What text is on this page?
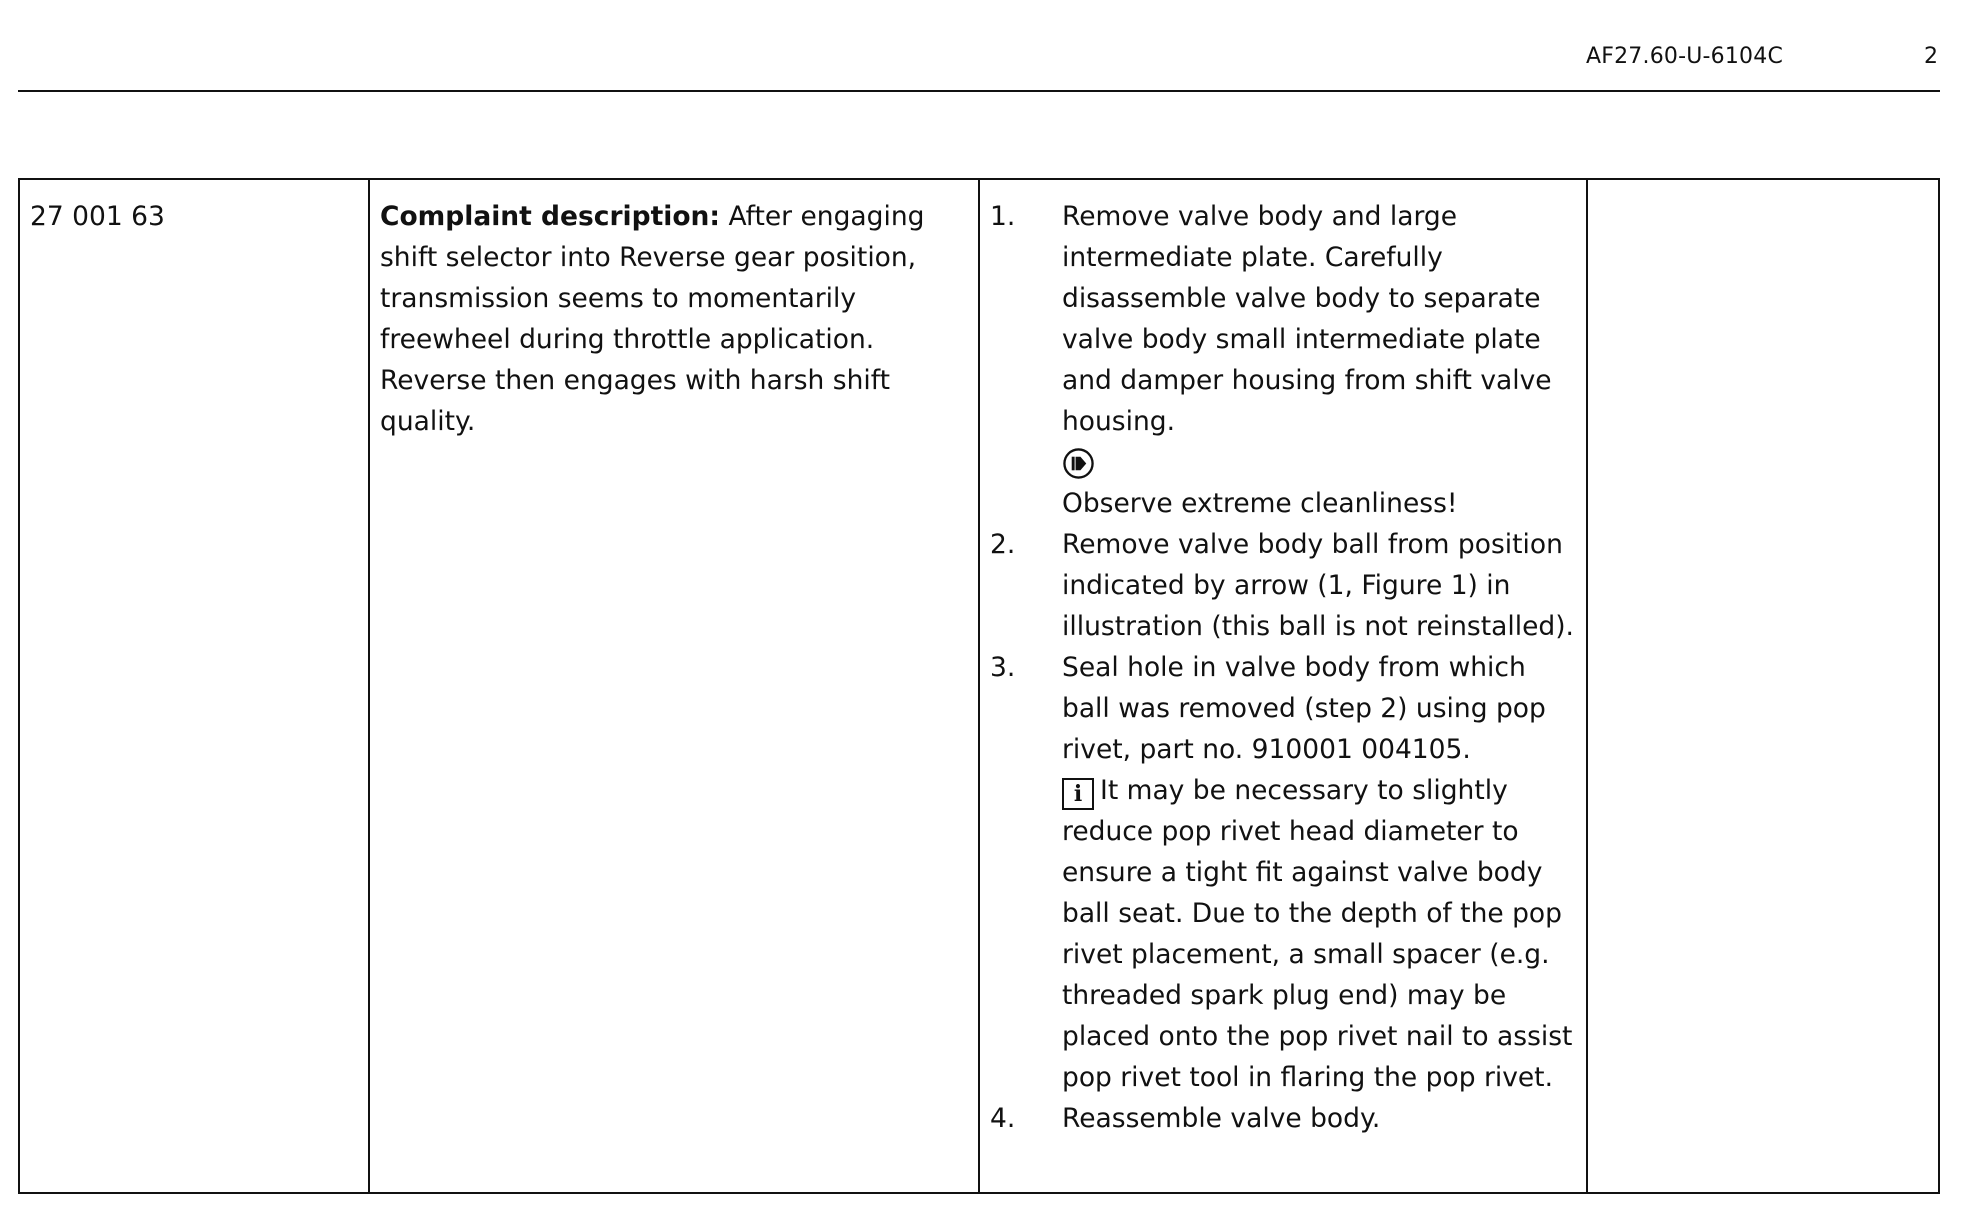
AF27.60-U-6104C	2
27 001 63	Complaint description: After engaging shift selector into Reverse gear position, transmission seems to momentarily freewheel during throttle application. Reverse then engages with harsh shift quality.	
1.	Remove valve body and large intermediate plate. Carefully disassemble valve body to separate valve body small intermediate plate and damper housing from shift valve housing.
Observe extreme cleanliness!
2.	Remove valve body ball from position indicated by arrow (1, Figure 1) in illustration (this ball is not reinstalled).
3.	Seal hole in valve body from which ball was removed (step 2) using pop rivet, part no. 910001 004105.
i It may be necessary to slightly reduce pop rivet head diameter to ensure a tight fit against valve body ball seat. Due to the depth of the pop rivet placement, a small spacer (e.g. threaded spark plug end) may be placed onto the pop rivet nail to assist pop rivet tool in flaring the pop rivet.
4.	Reassemble valve body.
